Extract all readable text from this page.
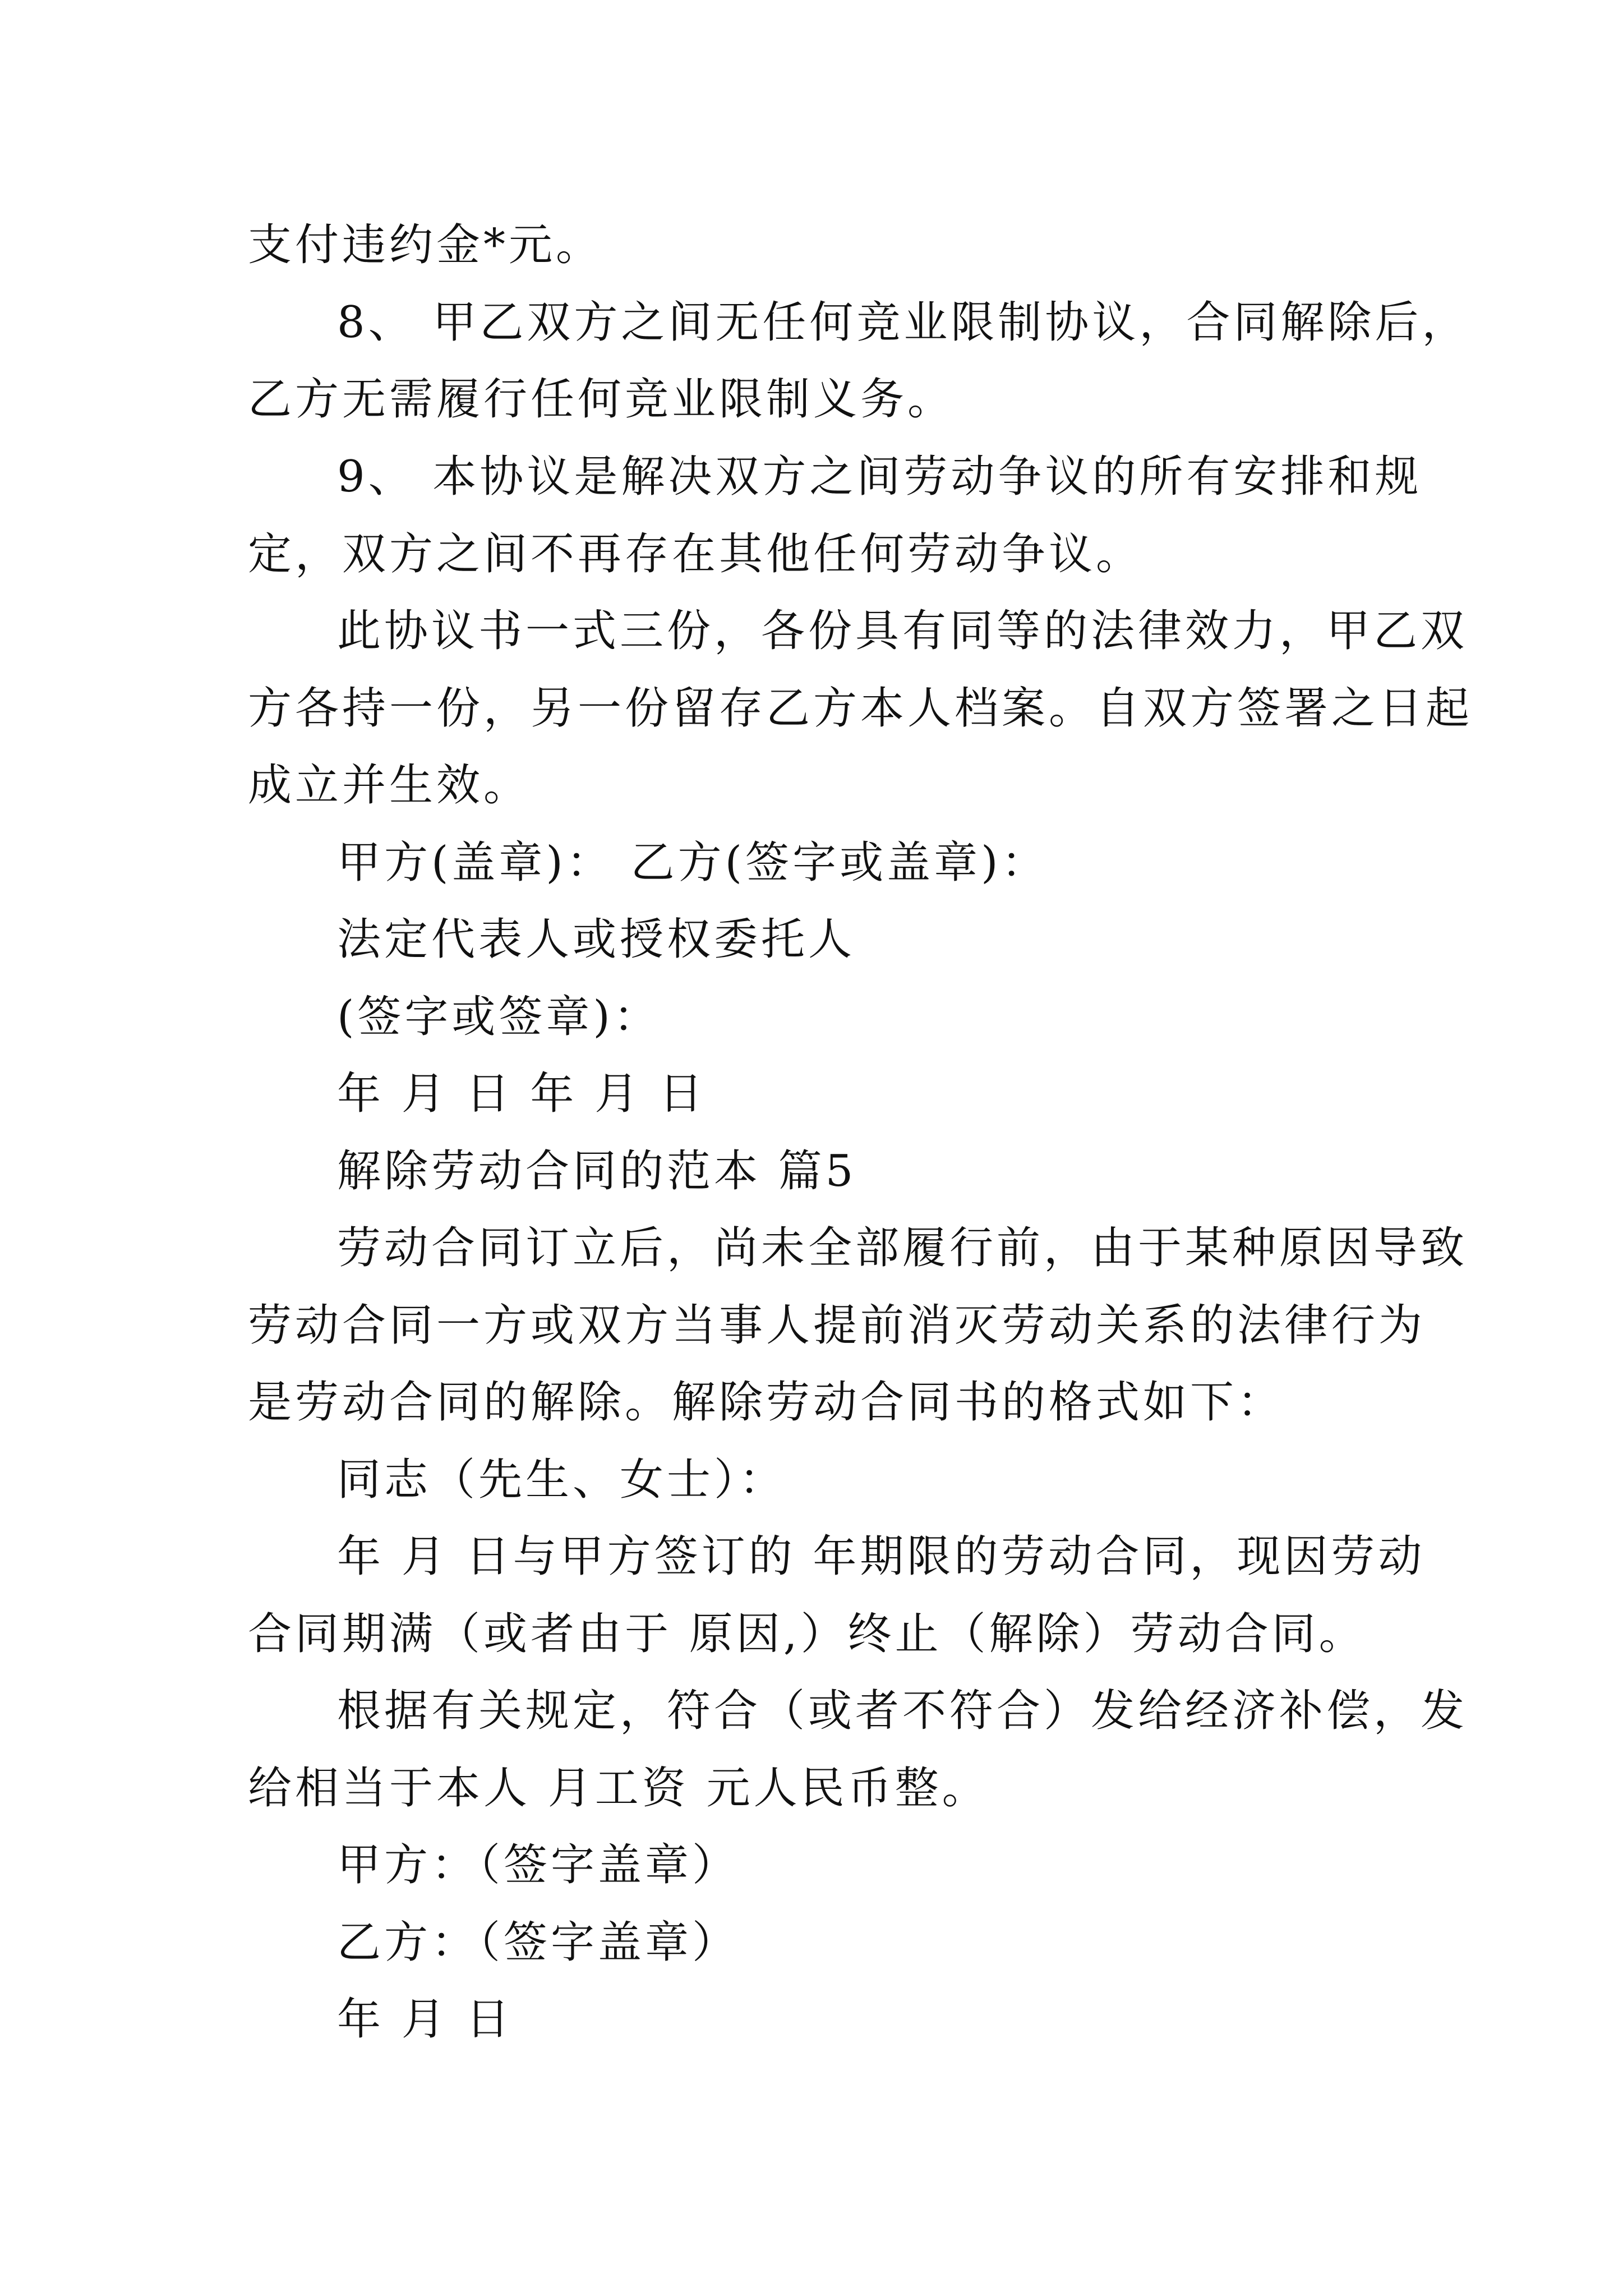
支付违约金*元。
8、 甲乙双方之间无任何竞业限制协议，合同解除后，
乙方无需履行任何竞业限制义务。
9、 本协议是解决双方之间劳动争议的所有安排和规
定，双方之间不再存在其他任何劳动争议。
此协议书一式三份，各份具有同等的法律效力，甲乙双
方各持一份，另一份留存乙方本人档案。自双方签署之日起
成立并生效。
甲方(盖章)： 乙方(签字或盖章)：
法定代表人或授权委托人
(签字或签章)：
年 月 日 年 月 日
解除劳动合同的范本 篇5
劳动合同订立后，尚未全部履行前，由于某种原因导致
劳动合同一方或双方当事人提前消灭劳动关系的法律行为
是劳动合同的解除。解除劳动合同书的格式如下：
同志（先生、女士）：
年 月 日与甲方签订的 年期限的劳动合同，现因劳动
合同期满（或者由于 原因,）终止（解除）劳动合同。
根据有关规定，符合（或者不符合）发给经济补偿，发
给相当于本人 月工资 元人民币整。
甲方：（签字盖章）
乙方：（签字盖章）
年 月 日
